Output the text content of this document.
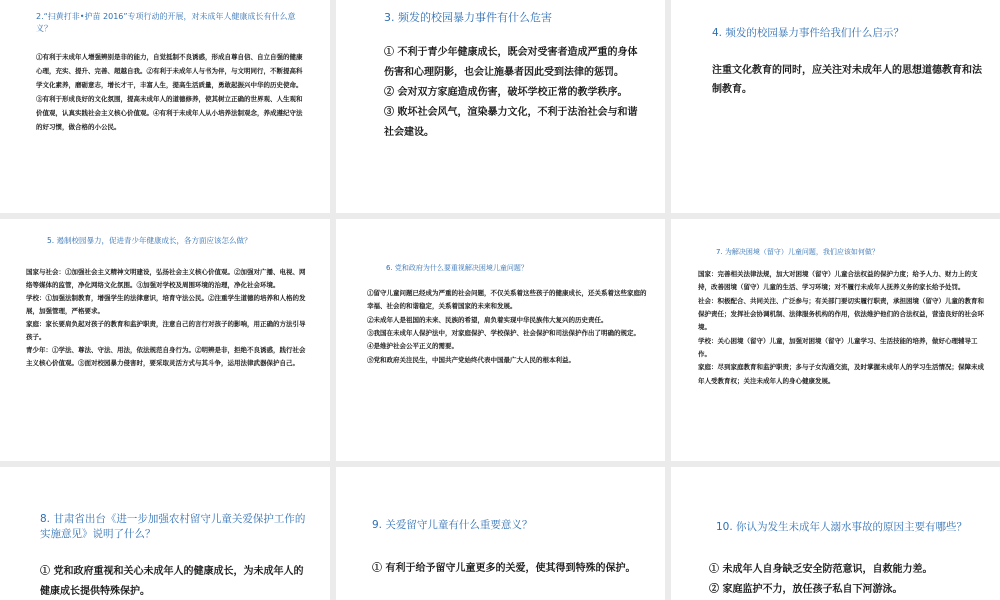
2.“扫黄打非•护苗 2016”专项行动的开展，对未成年人健康成长有什么意义？

①有利于未成年人增强辨别是非的能力，自觉抵制不良诱惑，形成自尊自信、自立自强的健康心理，充实、提升、完善、超越自我。②有利于未成年人与书为伴，与文明同行，不断提高科学文化素养，磨砺意志，增长才干，丰富人生，提高生活质量，勇敢起振兴中华的历史使命。③有利于形成良好的文化氛围，提高未成年人的道德修养，使其树立正确的世界观、人生观和价值观，认真实践社会主义核心价值观。④有利于未成年人从小培养法制观念，养成遵纪守法的好习惯，做合格的小公民。

3. 频发的校园暴力事件有什么危害

① 不利于青少年健康成长，既会对受害者造成严重的身体伤害和心理阴影，也会让施暴者因此受到法律的惩罚。

② 会对双方家庭造成伤害，破坏学校正常的教学秩序。

③ 败坏社会风气，渲染暴力文化，不利于法治社会与和谐社会建设。

4. 频发的校园暴力事件给我们什么启示？

注重文化教育的同时，应关注对未成年人的思想道德教育和法制教育。

5. 遏制校园暴力，促进青少年健康成长，各方面应该怎么做？

国家与社会：①加强社会主义精神文明建设，弘扬社会主义核心价值观。②加强对广播、电视、网络等媒体的监管，净化网络文化氛围。③加强对学校及周围环境的治理，净化社会环境。

学校：①加强法制教育，增强学生的法律意识，培育守法公民。②注重学生道德的培养和人格的发展，加强管理，严格要求。

家庭：家长要肩负起对孩子的教育和监护职责，注意自己的言行对孩子的影响，用正确的方法引导孩子。

青少年：①学法、尊法、守法、用法，依法规范自身行为。②明辨是非，拒绝不良诱惑，践行社会主义核心价值观。③面对校园暴力侵害时，要采取灵活方式与其斗争，运用法律武器保护自己。

6. 党和政府为什么要重视解决困境儿童问题？

①留守儿童问题已经成为严重的社会问题，不仅关系着这些孩子的健康成长，还关系着这些家庭的幸福、社会的和谐稳定，关系着国家的未来和发展。

②未成年人是祖国的未来、民族的希望，肩负着实现中华民族伟大复兴的历史责任。

③我国在未成年人保护法中，对家庭保护、学校保护、社会保护和司法保护作出了明确的规定。

④是维护社会公平正义的需要。

⑤党和政府关注民生，中国共产党始终代表中国最广大人民的根本利益。

7. 为解决困境（留守）儿童问题，我们应该如何做？

国家：完善相关法律法规，加大对困境（留守）儿童合法权益的保护力度；给予人力、财力上的支持，改善困境（留守）儿童的生活、学习环境；对不履行未成年人抚养义务的家长给予处罚。

社会：积极配合、共同关注、广泛参与；有关部门要切实履行职责，承担困境（留守）儿童的教育和保护责任；发挥社会协调机制、法律服务机构的作用，依法维护他们的合法权益，营造良好的社会环境。

学校：关心困境（留守）儿童，加强对困境（留守）儿童学习、生活技能的培养，做好心理辅导工作。

家庭：尽到家庭教育和监护职责；多与子女沟通交流，及时掌握未成年人的学习生活情况；保障未成年人受教育权；关注未成年人的身心健康发展。

8. 甘肃省出台《进一步加强农村留守儿童关爱保护工作的实施意见》说明了什么？

① 党和政府重视和关心未成年人的健康成长，为未成年人的健康成长提供特殊保护。

9. 关爱留守儿童有什么重要意义？

① 有利于给予留守儿童更多的关爱，使其得到特殊的保护。

10. 你认为发生未成年人溺水事故的原因主要有哪些？

① 未成年人自身缺乏安全防范意识，自救能力差。

② 家庭监护不力，放任孩子私自下河游泳。
